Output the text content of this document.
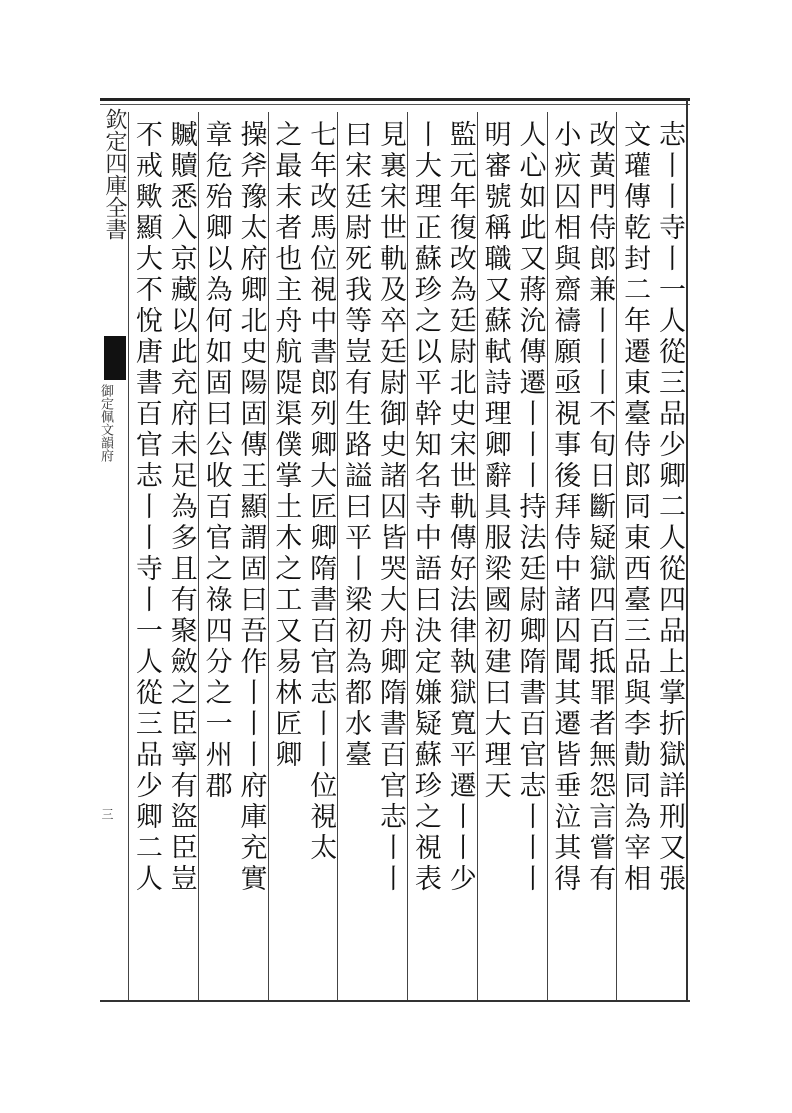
欽定四庫全書
御定佩文韻府
三	志丨丨寺丨一人從三品少卿二人從四品上掌折獄詳刑又張
文瓘傳乾封二年遷東臺侍郎同東西臺三品與李勣同為宰相
改黃門侍郎兼丨丨丨不旬日斷疑獄四百抵罪者無怨言嘗有
小疢囚相與齋禱願亟視事後拜侍中諸囚聞其遷皆垂泣其得
人心如此又蔣沇傳遷丨丨丨持法廷尉卿隋書百官志丨丨丨
明審號稱職又蘇軾詩理卿辭具服梁國初建曰大理天
監元年復改為廷尉北史宋世軌傳好法律執獄寬平遷丨丨少
丨大理正蘇珍之以平幹知名寺中語曰決定嫌疑蘇珍之視表
見裏宋世軌及卒廷尉御史諸囚皆哭大舟卿隋書百官志丨丨
曰宋廷尉死我等豈有生路謚曰平丨梁初為都水臺
七年改馬位視中書郎列卿大匠卿隋書百官志丨丨位視太
之最末者也主舟航隄渠僕掌土木之工又易林匠卿
操斧豫太府卿北史陽固傳王顯謂固曰吾作丨丨丨府庫充實
章危殆卿以為何如固曰公收百官之祿四分之一州郡
贓贖悉入京藏以此充府未足為多且有聚斂之臣寧有盜臣豈
不戒歟顯大不悅唐書百官志丨丨寺丨一人從三品少卿二人
